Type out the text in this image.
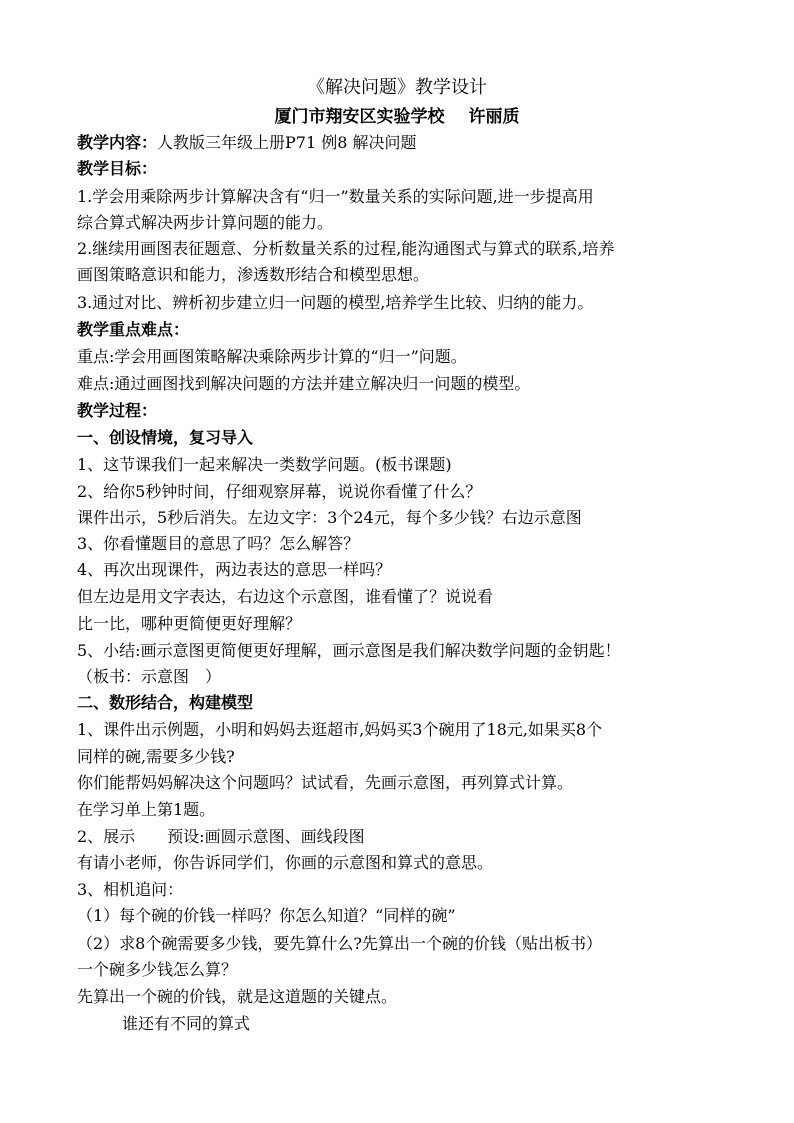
《解决问题》教学设计
厦门市翔安区实验学校 许丽质
教学内容：人教版三年级上册P71 例8 解决问题
教学目标：
1.学会用乘除两步计算解决含有“归一”数量关系的实际问题,进一步提高用
综合算式解决两步计算问题的能力。
2.继续用画图表征题意、分析数量关系的过程,能沟通图式与算式的联系,培养
画图策略意识和能力，渗透数形结合和模型思想。
3.通过对比、辨析初步建立归一问题的模型,培养学生比较、归纳的能力。
教学重点难点：
重点:学会用画图策略解决乘除两步计算的“归一”问题。
难点:通过画图找到解决问题的方法并建立解决归一问题的模型。
教学过程：
一、创设情境，复习导入
1、这节课我们一起来解决一类数学问题。(板书课题)
2、给你5秒钟时间，仔细观察屏幕，说说你看懂了什么？
课件出示，5秒后消失。左边文字：3个24元，每个多少钱？右边示意图
3、你看懂题目的意思了吗？怎么解答？
4、再次出现课件，两边表达的意思一样吗？
但左边是用文字表达，右边这个示意图，谁看懂了？说说看
比一比，哪种更简便更好理解？
5、小结:画示意图更简便更好理解，画示意图是我们解决数学问题的金钥匙！
（板书：示意图　）
二、数形结合，构建模型
1、课件出示例题，小明和妈妈去逛超市,妈妈买3个碗用了18元,如果买8个
同样的碗,需要多少钱?
你们能帮妈妈解决这个问题吗？试试看，先画示意图，再列算式计算。
在学习单上第1题。
2、展示　　预设:画圆示意图、画线段图
有请小老师，你告诉同学们，你画的示意图和算式的意思。
3、相机追问：
（1）每个碗的价钱一样吗？你怎么知道？“同样的碗”
（2）求8个碗需要多少钱，要先算什么?先算出一个碗的价钱（贴出板书）
一个碗多少钱怎么算？
先算出一个碗的价钱，就是这道题的关键点。
谁还有不同的算式
